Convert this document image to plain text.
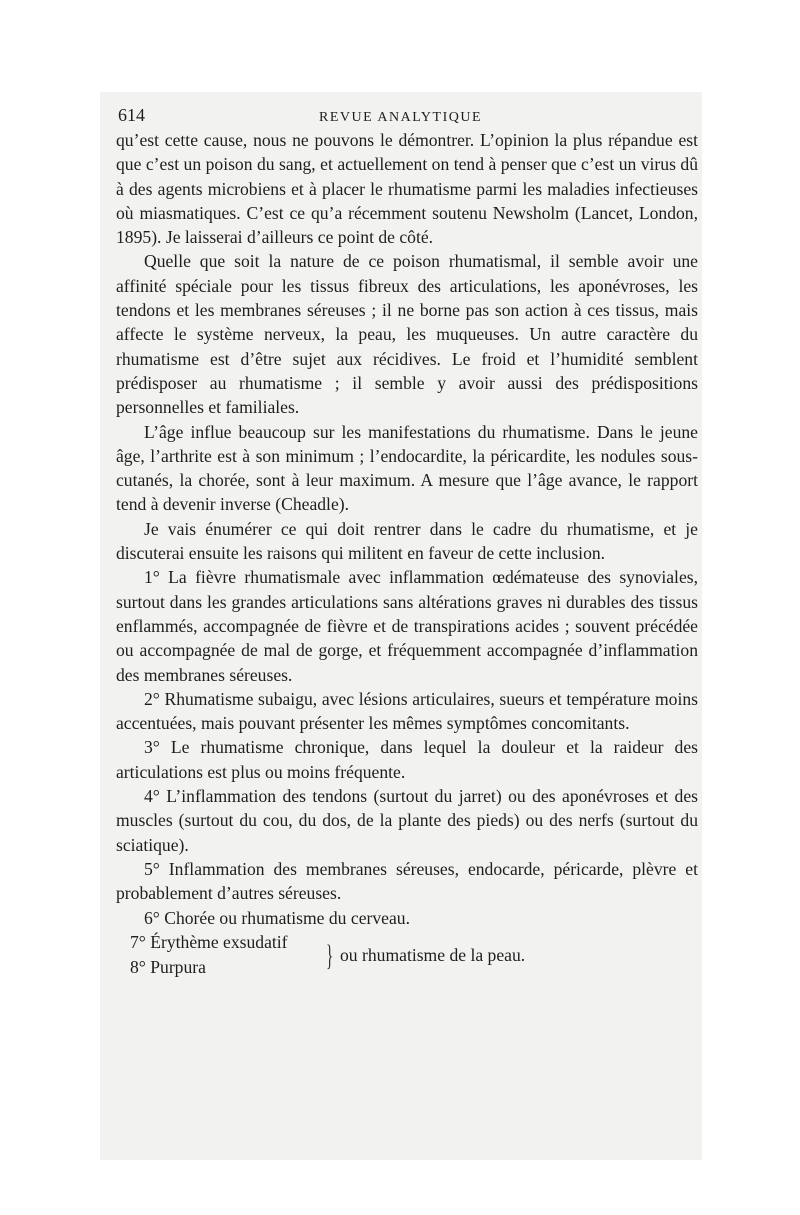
614	REVUE ANALYTIQUE

qu’est cette cause, nous ne pouvons le démontrer. L’opinion la plus répandue est que c’est un poison du sang, et actuellement on tend à penser que c’est un virus dû à des agents microbiens et à placer le rhumatisme parmi les maladies infectieuses où miasmatiques. C’est ce qu’a récemment soutenu Newsholm (Lancet, London, 1895). Je laisserai d’ailleurs ce point de côté.

Quelle que soit la nature de ce poison rhumatismal, il semble avoir une affinité spéciale pour les tissus fibreux des articulations, les aponévroses, les tendons et les membranes séreuses ; il ne borne pas son action à ces tissus, mais affecte le système nerveux, la peau, les muqueuses. Un autre caractère du rhumatisme est d’être sujet aux récidives. Le froid et l’humidité semblent prédisposer au rhumatisme ; il semble y avoir aussi des prédispositions personnelles et familiales.

L’âge influe beaucoup sur les manifestations du rhumatisme. Dans le jeune âge, l’arthrite est à son minimum ; l’endocardite, la péricardite, les nodules sous-cutanés, la chorée, sont à leur maximum. A mesure que l’âge avance, le rapport tend à devenir inverse (Cheadle).

Je vais énumérer ce qui doit rentrer dans le cadre du rhumatisme, et je discuterai ensuite les raisons qui militent en faveur de cette inclusion.

1° La fièvre rhumatismale avec inflammation œdémateuse des synoviales, surtout dans les grandes articulations sans altérations graves ni durables des tissus enflammés, accompagnée de fièvre et de transpirations acides ; souvent précédée ou accompagnée de mal de gorge, et fréquemment accompagnée d’inflammation des membranes séreuses.

2° Rhumatisme subaigu, avec lésions articulaires, sueurs et température moins accentuées, mais pouvant présenter les mêmes symptômes concomitants.

3° Le rhumatisme chronique, dans lequel la douleur et la raideur des articulations est plus ou moins fréquente.

4° L’inflammation des tendons (surtout du jarret) ou des aponévroses et des muscles (surtout du cou, du dos, de la plante des pieds) ou des nerfs (surtout du sciatique).

5° Inflammation des membranes séreuses, endocarde, péricarde, plèvre et probablement d’autres séreuses.

6° Chorée ou rhumatisme du cerveau.

7° Érythème exsudatif
8° Purpura	} ou rhumatisme de la peau.
